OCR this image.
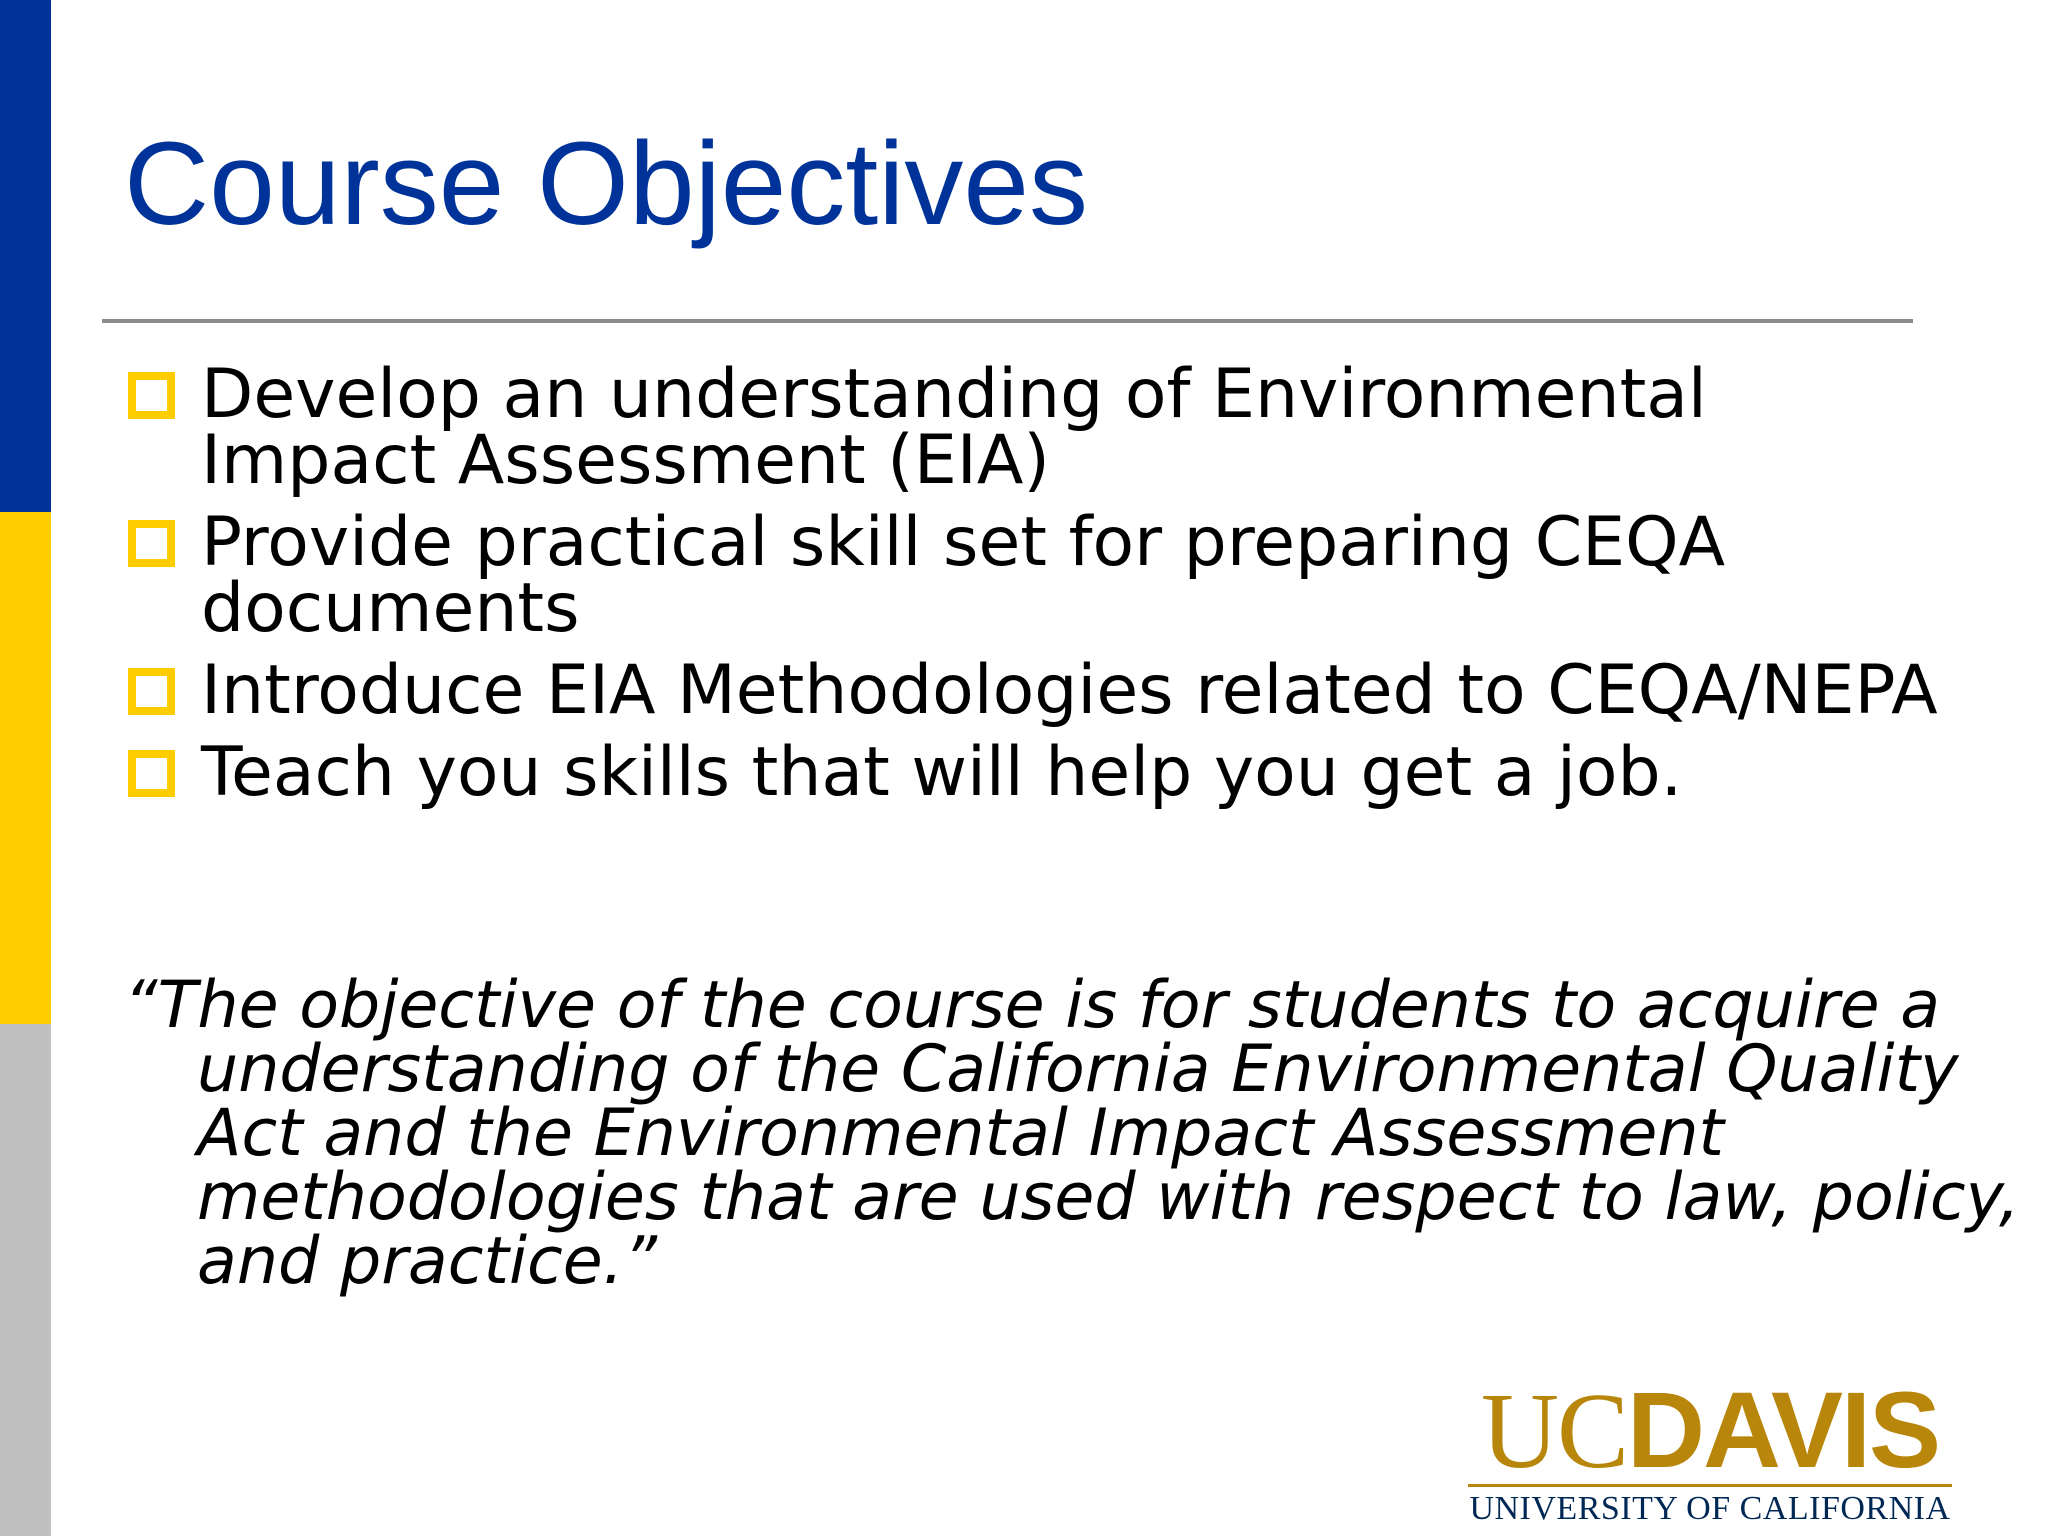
Course Objectives
Develop an understanding of Environmental Impact Assessment (EIA)
Provide practical skill set for preparing CEQA documents
Introduce EIA Methodologies related to CEQA/NEPA
Teach you skills that will help you get a job.

“The objective of the course is for students to acquire a understanding of the California Environmental Quality Act and the Environmental Impact Assessment methodologies that are used with respect to law, policy, and practice.”

UCDAVIS
UNIVERSITY OF CALIFORNIA
